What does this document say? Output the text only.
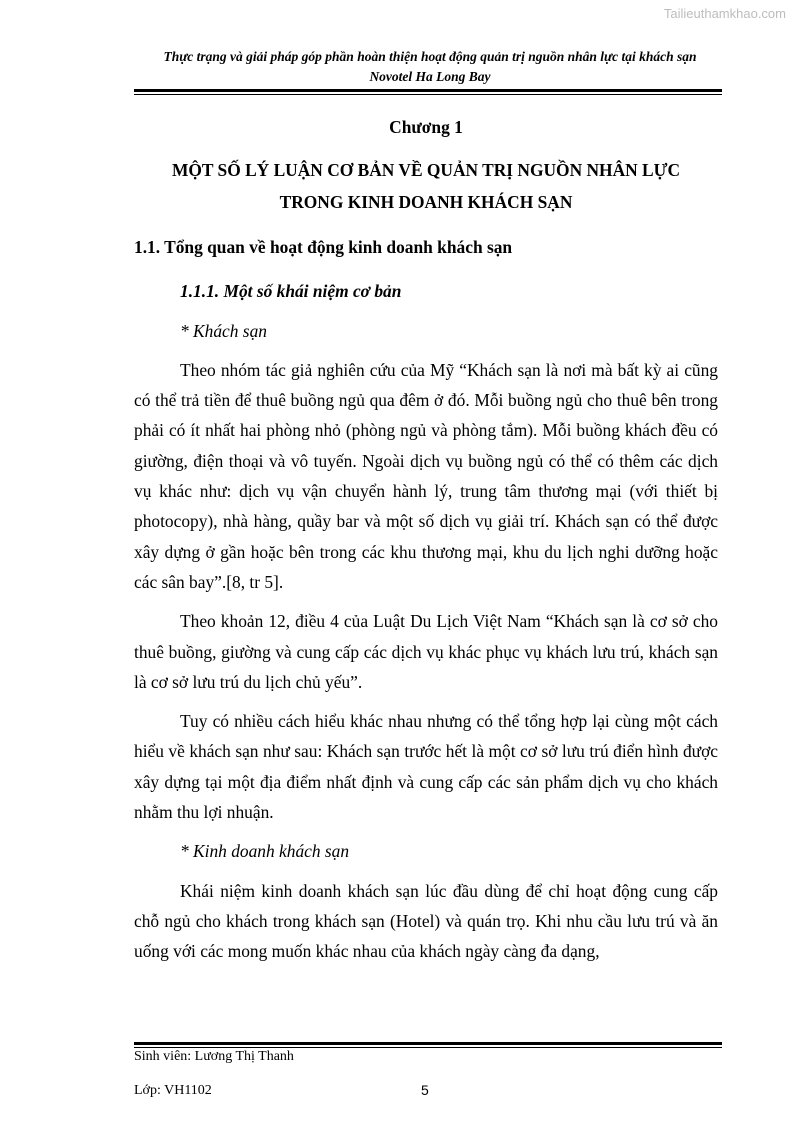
Tailieuthamkhao.com
Thực trạng và giải pháp góp phần hoàn thiện hoạt động quản trị nguồn nhân lực tại khách sạn
Novotel Ha Long Bay
Chương 1
MỘT SỐ LÝ LUẬN CƠ BẢN VỀ QUẢN TRỊ NGUỒN NHÂN LỰC
TRONG KINH DOANH KHÁCH SẠN
1.1. Tổng quan về hoạt động kinh doanh khách sạn
1.1.1. Một số khái niệm cơ bản
* Khách sạn

Theo nhóm tác giả nghiên cứu của Mỹ “Khách sạn là nơi mà bất kỳ ai cũng có thể trả tiền để thuê buồng ngủ qua đêm ở đó. Mỗi buồng ngủ cho thuê bên trong phải có ít nhất hai phòng nhỏ (phòng ngủ và phòng tắm). Mỗi buồng khách đều có giường, điện thoại và vô tuyến. Ngoài dịch vụ buồng ngủ có thể có thêm các dịch vụ khác như: dịch vụ vận chuyển hành lý, trung tâm thương mại (với thiết bị photocopy), nhà hàng, quầy bar và một số dịch vụ giải trí. Khách sạn có thể được xây dựng ở gần hoặc bên trong các khu thương mại, khu du lịch nghi dưỡng hoặc các sân bay”.[8, tr 5].

Theo khoản 12, điều 4 của Luật Du Lịch Việt Nam “Khách sạn là cơ sở cho thuê buồng, giường và cung cấp các dịch vụ khác phục vụ khách lưu trú, khách sạn là cơ sở lưu trú du lịch chủ yếu”.

Tuy có nhiều cách hiểu khác nhau nhưng có thể tổng hợp lại cùng một cách hiểu về khách sạn như sau: Khách sạn trước hết là một cơ sở lưu trú điển hình được xây dựng tại một địa điểm nhất định và cung cấp các sản phẩm dịch vụ cho khách nhằm thu lợi nhuận.

* Kinh doanh khách sạn

Khái niệm kinh doanh khách sạn lúc đầu dùng để chỉ hoạt động cung cấp chỗ ngủ cho khách trong khách sạn (Hotel) và quán trọ. Khi nhu cầu lưu trú và ăn uống với các mong muốn khác nhau của khách ngày càng đa dạng,

Sinh viên: Lương Thị Thanh
Lớp: VH1102	5
